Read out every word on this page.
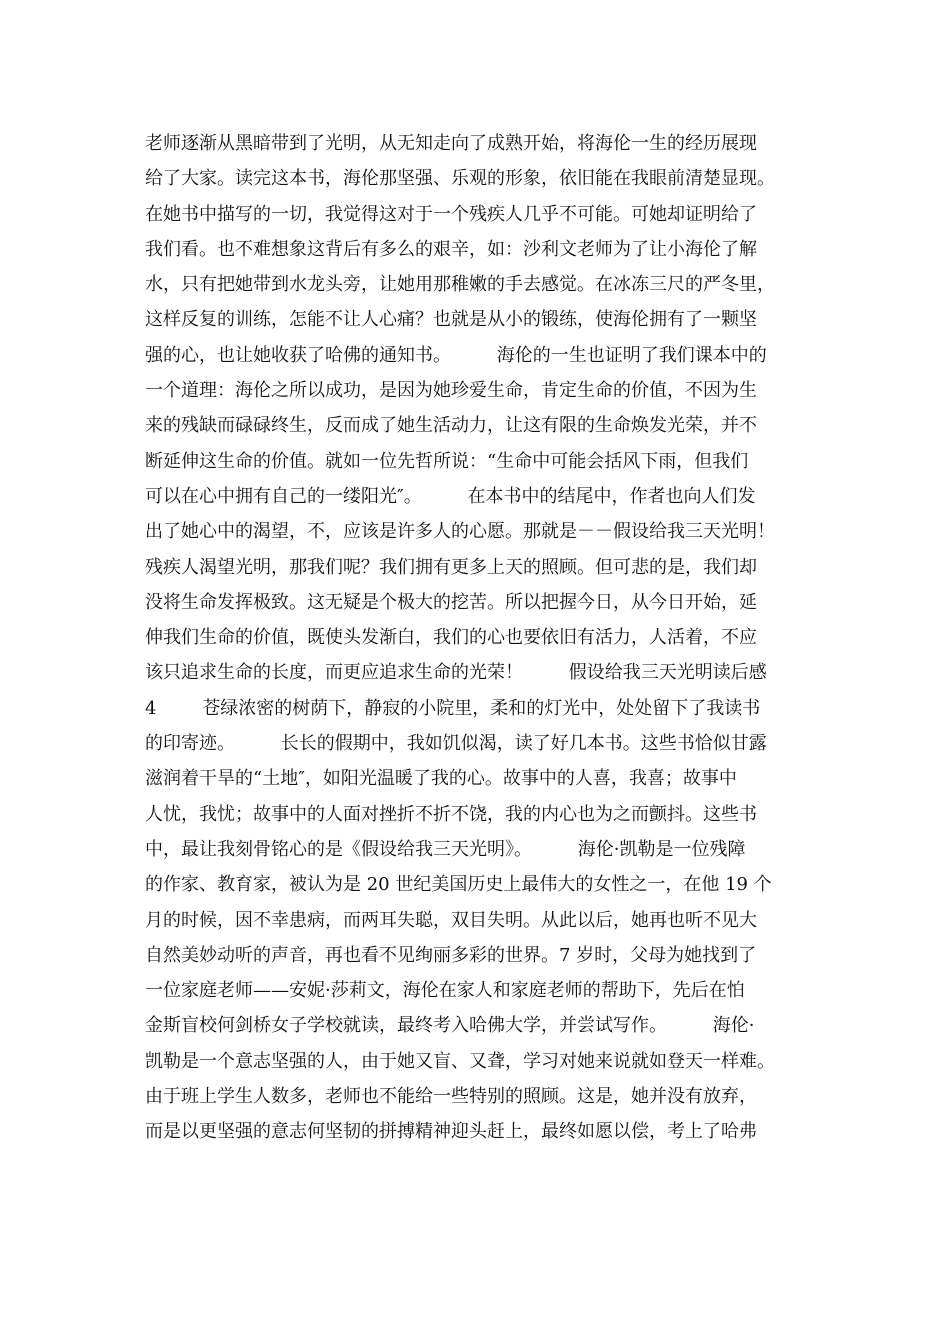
老师逐渐从黑暗带到了光明，从无知走向了成熟开始，将海伦一生的经历展现
给了大家。读完这本书，海伦那坚强、乐观的形象，依旧能在我眼前清楚显现。
在她书中描写的一切，我觉得这对于一个残疾人几乎不可能。可她却证明给了
我们看。也不难想象这背后有多么的艰辛，如：沙利文老师为了让小海伦了解
水，只有把她带到水龙头旁，让她用那稚嫩的手去感觉。在冰冻三尺的严冬里，
这样反复的训练，怎能不让人心痛？也就是从小的锻练，使海伦拥有了一颗坚
强的心，也让她收获了哈佛的通知书。        海伦的一生也证明了我们课本中的
一个道理：海伦之所以成功，是因为她珍爱生命，肯定生命的价值，不因为生
来的残缺而碌碌终生，反而成了她生活动力，让这有限的生命焕发光荣，并不
断延伸这生命的价值。就如一位先哲所说：“生命中可能会括风下雨，但我们
可以在心中拥有自己的一缕阳光″。        在本书中的结尾中，作者也向人们发
出了她心中的渴望，不，应该是许多人的心愿。那就是－－假设给我三天光明！
残疾人渴望光明，那我们呢？我们拥有更多上天的照顾。但可悲的是，我们却
没将生命发挥极致。这无疑是个极大的挖苦。所以把握今日，从今日开始，延
伸我们生命的价值，既使头发渐白，我们的心也要依旧有活力，人活着，不应
该只追求生命的长度，而更应追求生命的光荣！        假设给我三天光明读后感
4        苍绿浓密的树荫下，静寂的小院里，柔和的灯光中，处处留下了我读书
的印寄迹。        长长的假期中，我如饥似渴，读了好几本书。这些书恰似甘露
滋润着干旱的“土地″，如阳光温暖了我的心。故事中的人喜，我喜；故事中
人忧，我忧；故事中的人面对挫折不折不饶，我的内心也为之而颤抖。这些书
中，最让我刻骨铭心的是《假设给我三天光明》。        海伦·凯勒是一位残障
的作家、教育家，被认为是 20 世纪美国历史上最伟大的女性之一，在他 19 个
月的时候，因不幸患病，而两耳失聪，双目失明。从此以后，她再也听不见大
自然美妙动听的声音，再也看不见绚丽多彩的世界。7 岁时，父母为她找到了
一位家庭老师——安妮·莎莉文，海伦在家人和家庭老师的帮助下，先后在怕
金斯盲校何剑桥女子学校就读，最终考入哈佛大学，并尝试写作。        海伦·
凯勒是一个意志坚强的人，由于她又盲、又聋，学习对她来说就如登天一样难。
由于班上学生人数多，老师也不能给一些特别的照顾。这是，她并没有放弃，
而是以更坚强的意志何坚韧的拼搏精神迎头赶上，最终如愿以偿，考上了哈弗
